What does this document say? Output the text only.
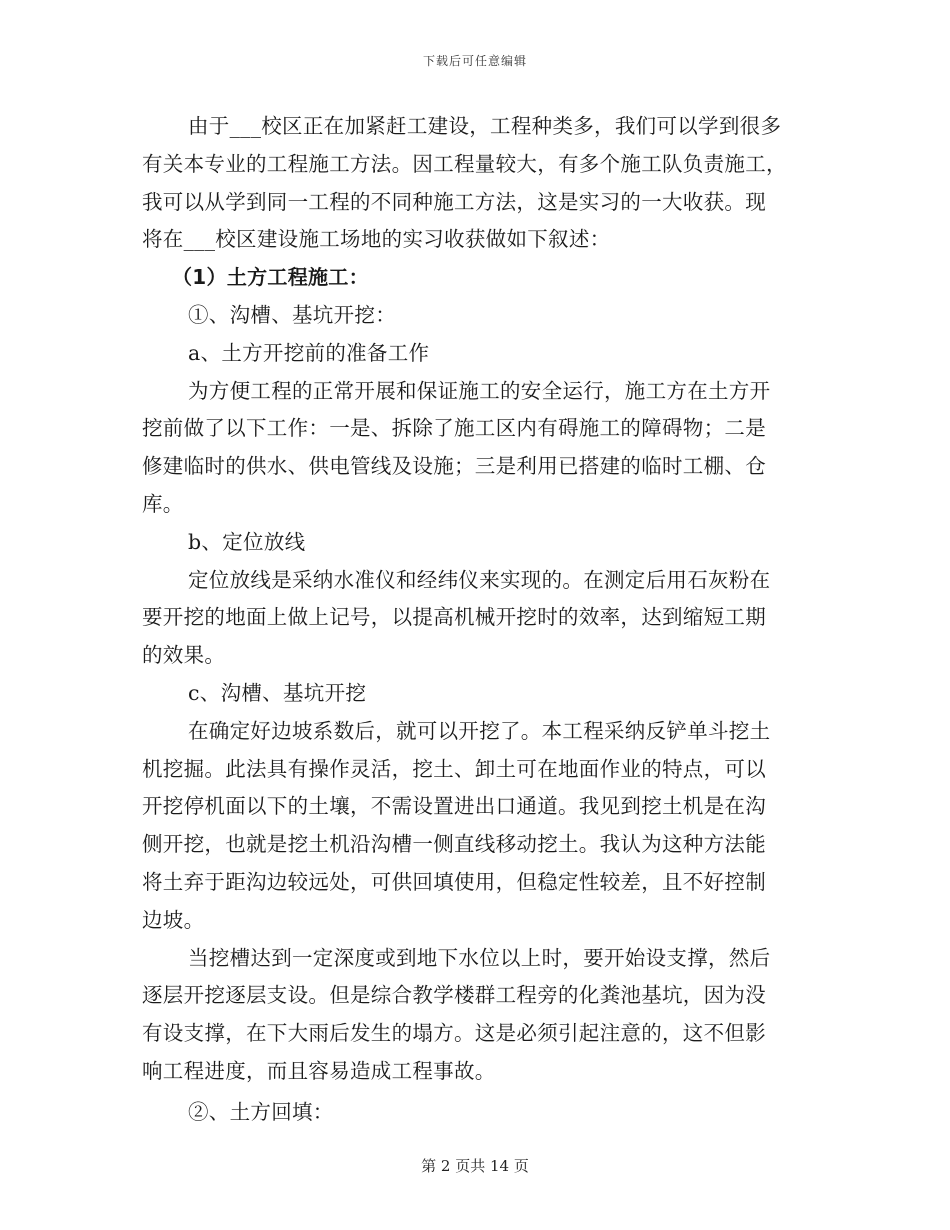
下载后可任意编辑
由于___校区正在加紧赶工建设，工程种类多，我们可以学到很多
有关本专业的工程施工方法。因工程量较大，有多个施工队负责施工，
我可以从学到同一工程的不同种施工方法，这是实习的一大收获。现
将在___校区建设施工场地的实习收获做如下叙述：
（1）土方工程施工：
①、沟槽、基坑开挖：
a、土方开挖前的准备工作
为方便工程的正常开展和保证施工的安全运行，施工方在土方开
挖前做了以下工作：一是、拆除了施工区内有碍施工的障碍物；二是
修建临时的供水、供电管线及设施；三是利用已搭建的临时工棚、仓
库。
b、定位放线
定位放线是采纳水准仪和经纬仪来实现的。在测定后用石灰粉在
要开挖的地面上做上记号，以提高机械开挖时的效率，达到缩短工期
的效果。
c、沟槽、基坑开挖
在确定好边坡系数后，就可以开挖了。本工程采纳反铲单斗挖土
机挖掘。此法具有操作灵活，挖土、卸土可在地面作业的特点，可以
开挖停机面以下的土壤，不需设置进出口通道。我见到挖土机是在沟
侧开挖，也就是挖土机沿沟槽一侧直线移动挖土。我认为这种方法能
将土弃于距沟边较远处，可供回填使用，但稳定性较差，且不好控制
边坡。
当挖槽达到一定深度或到地下水位以上时，要开始设支撑，然后
逐层开挖逐层支设。但是综合教学楼群工程旁的化粪池基坑，因为没
有设支撑，在下大雨后发生的塌方。这是必须引起注意的，这不但影
响工程进度，而且容易造成工程事故。
②、土方回填：
第 2 页共 14 页
